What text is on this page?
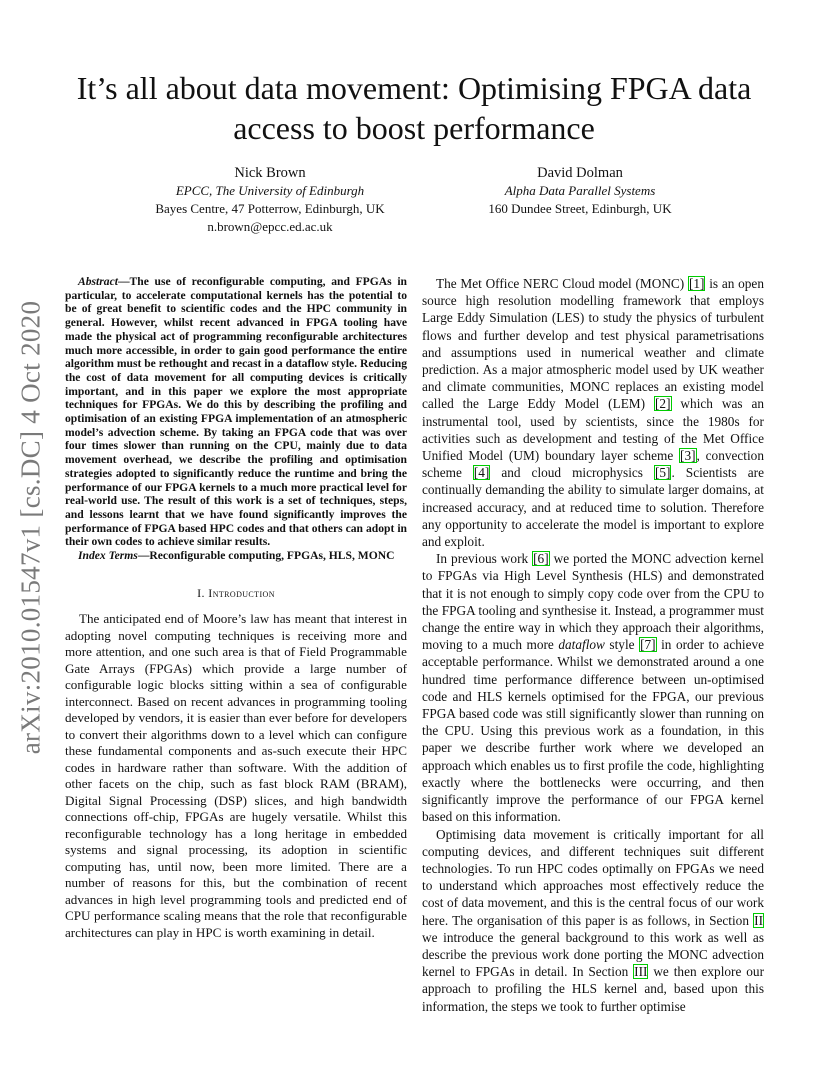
arXiv:2010.01547v1 [cs.DC] 4 Oct 2020
It’s all about data movement: Optimising FPGA data access to boost performance
Nick Brown
EPCC, The University of Edinburgh
Bayes Centre, 47 Potterrow, Edinburgh, UK
n.brown@epcc.ed.ac.uk
David Dolman
Alpha Data Parallel Systems
160 Dundee Street, Edinburgh, UK

Abstract—The use of reconfigurable computing, and FPGAs in particular, to accelerate computational kernels has the potential to be of great benefit to scientific codes and the HPC community in general. However, whilst recent advanced in FPGA tooling have made the physical act of programming reconfigurable architectures much more accessible, in order to gain good performance the entire algorithm must be rethought and recast in a dataflow style. Reducing the cost of data movement for all computing devices is critically important, and in this paper we explore the most appropriate techniques for FPGAs. We do this by describing the profiling and optimisation of an existing FPGA implementation of an atmospheric model’s advection scheme. By taking an FPGA code that was over four times slower than running on the CPU, mainly due to data movement overhead, we describe the profiling and optimisation strategies adopted to significantly reduce the runtime and bring the performance of our FPGA kernels to a much more practical level for real-world use. The result of this work is a set of techniques, steps, and lessons learnt that we have found significantly improves the performance of FPGA based HPC codes and that others can adopt in their own codes to achieve similar results.

Index Terms—Reconfigurable computing, FPGAs, HLS, MONC

I. Introduction

The anticipated end of Moore’s law has meant that interest in adopting novel computing techniques is receiving more and more attention, and one such area is that of Field Programmable Gate Arrays (FPGAs) which provide a large number of configurable logic blocks sitting within a sea of configurable interconnect. Based on recent advances in programming tooling developed by vendors, it is easier than ever before for developers to convert their algorithms down to a level which can configure these fundamental components and as-such execute their HPC codes in hardware rather than software. With the addition of other facets on the chip, such as fast block RAM (BRAM), Digital Signal Processing (DSP) slices, and high bandwidth connections off-chip, FPGAs are hugely versatile. Whilst this reconfigurable technology has a long heritage in embedded systems and signal processing, its adoption in scientific computing has, until now, been more limited. There are a number of reasons for this, but the combination of recent advances in high level programming tools and predicted end of CPU performance scaling means that the role that reconfigurable architectures can play in HPC is worth examining in detail.

The Met Office NERC Cloud model (MONC) [1] is an open source high resolution modelling framework that employs Large Eddy Simulation (LES) to study the physics of turbulent flows and further develop and test physical parametrisations and assumptions used in numerical weather and climate prediction. As a major atmospheric model used by UK weather and climate communities, MONC replaces an existing model called the Large Eddy Model (LEM) [2] which was an instrumental tool, used by scientists, since the 1980s for activities such as development and testing of the Met Office Unified Model (UM) boundary layer scheme [3], convection scheme [4] and cloud microphysics [5]. Scientists are continually demanding the ability to simulate larger domains, at increased accuracy, and at reduced time to solution. Therefore any opportunity to accelerate the model is important to explore and exploit.

In previous work [6] we ported the MONC advection kernel to FPGAs via High Level Synthesis (HLS) and demonstrated that it is not enough to simply copy code over from the CPU to the FPGA tooling and synthesise it. Instead, a programmer must change the entire way in which they approach their algorithms, moving to a much more dataflow style [7] in order to achieve acceptable performance. Whilst we demonstrated around a one hundred time performance difference between un-optimised code and HLS kernels optimised for the FPGA, our previous FPGA based code was still significantly slower than running on the CPU. Using this previous work as a foundation, in this paper we describe further work where we developed an approach which enables us to first profile the code, highlighting exactly where the bottlenecks were occurring, and then significantly improve the performance of our FPGA kernel based on this information.

Optimising data movement is critically important for all computing devices, and different techniques suit different technologies. To run HPC codes optimally on FPGAs we need to understand which approaches most effectively reduce the cost of data movement, and this is the central focus of our work here. The organisation of this paper is as follows, in Section II we introduce the general background to this work as well as describe the previous work done porting the MONC advection kernel to FPGAs in detail. In Section III we then explore our approach to profiling the HLS kernel and, based upon this information, the steps we took to further optimise
